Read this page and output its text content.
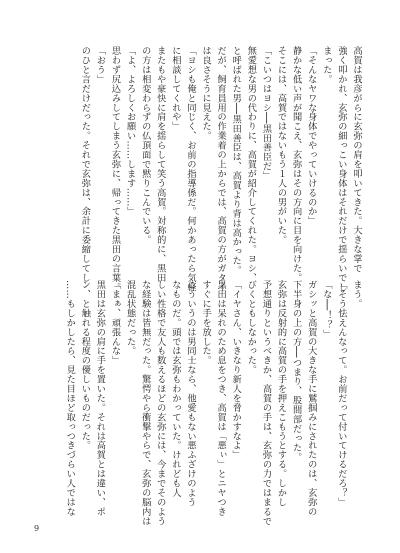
高賀は我彦がらに玄弥の肩を叩いてきた。大きな掌で
強く叩かれ、玄弥の細っこい身体はそれだけで揺らいでし
まった。
「そんなヤワな身体でやっていけるのか」
静かな低い声が聞こえ、玄弥はその方向に目を向けた。
そこには、高賀ではないもう１人の男がいた。
「こいつはヨシ──黒田善臣だ」
無愛想な男の代わりに、高賀が紹介してくれた。ヨシ、
と呼ばれた男──黒田善臣は、高賀より背は高かった。
だが、飼育員用の作業着の上からでは、高賀の方がガタイ
は良さそうに見えた。
「ヨシも俺と同じく、お前の指導係だ。何かあったら気軽
に相談してくれや」
またもや豪快に肩を揺らして笑う高賀。対称的に、黒田
の方は相変わらずの仏頂面で黙りこんでいる。
「よ、よろしくお願い……します……」
思わず尻込みしてしまう玄弥に、帰ってきた黒田の言葉。
「おう」
のひと言だけだった。それで玄弥は、余計に委縮してし
まう。
「そう怯えんなって。お前だって付いてけるだろ？」
「な──！？」
ガシッと高賀の大きな手に鷲掴みにされたのは、玄弥の
下半身の上の方──つまり、股間部だった。
玄弥は反射的に高賀の手を押えこもうとする。しかし
予想通りというべきか、高賀の手は、玄弥の力ではまるで
びくともしなかった。
「イヤさん、いきなり新人を脅かすなよ」
黒田は呆れのため息をつき、高賀は「悪ぃ」とニヤつき
すぐに手を放した。
こういうのは男同士なら、他愛もない悪ふざけのよう
なものだ。頭では玄弥もわかっていた。けれども人
しい性格で友人も数えるほどの玄弥には、今までそのよう
な経験は皆無だった。驚愕やら衝撃やらで、玄弥の脳内は
混乱状態だった。
「まぁ、頑張んな」
黒田は玄弥の肩に手を置いた。それは高賀とは違い、ポ
ン、と触れる程度の優しいものだった。
……もしかしたら、見た目ほど取っつきづらい人ではな
9
